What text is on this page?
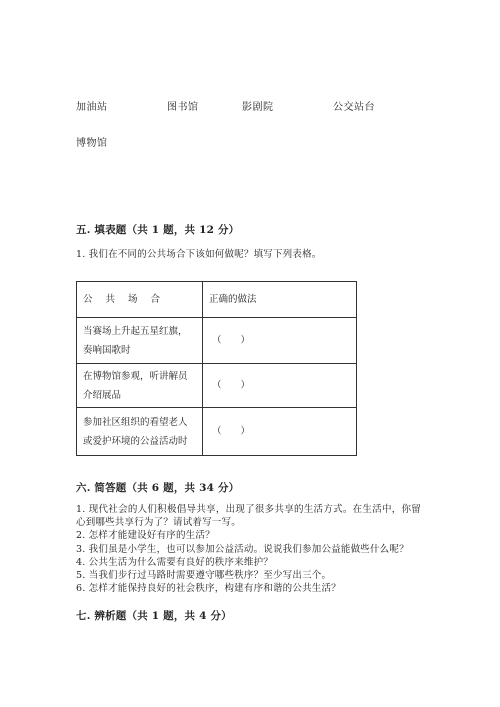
加油站	图书馆	影剧院	公交站台
博物馆
五. 填表题（共 1 题，共 12 分）
1. 我们在不同的公共场合下该如何做呢？填写下列表格。
公 共 场 合	正确的做法
当赛场上升起五星红旗，奏响国歌时	（　　）
在博物馆参观，听讲解员介绍展品	（　　）
参加社区组织的看望老人或爱护环境的公益活动时	（　　）
六. 简答题（共 6 题，共 34 分）
1. 现代社会的人们积极倡导共享，出现了很多共享的生活方式。在生活中，你留心到哪些共享行为了？请试着写一写。
2. 怎样才能建设好有序的生活？
3. 我们虽是小学生，也可以参加公益活动。说说我们参加公益能做些什么呢？
4. 公共生活为什么需要有良好的秩序来维护？
5. 当我们步行过马路时需要遵守哪些秩序？至少写出三个。
6. 怎样才能保持良好的社会秩序，构建有序和谐的公共生活？
七. 辨析题（共 1 题，共 4 分）
